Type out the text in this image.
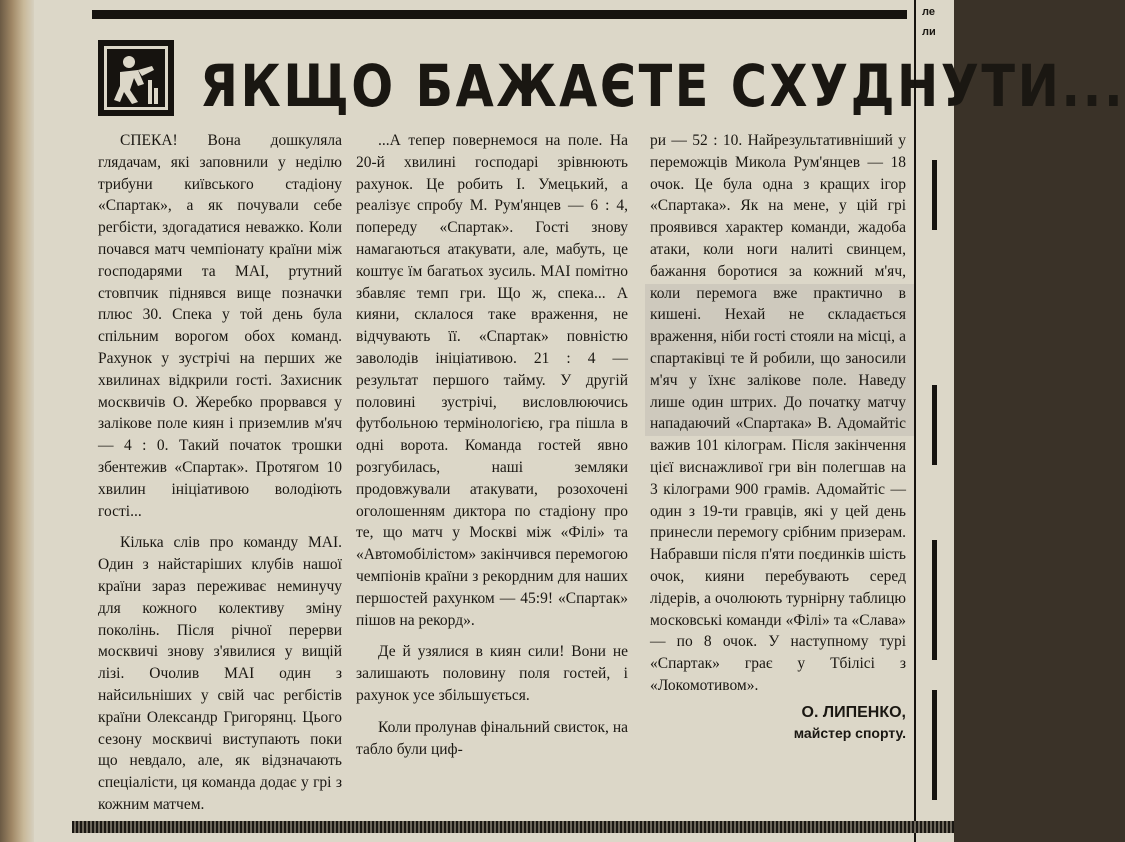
ЯКЩО БАЖАЄТЕ СХУДНУТИ...

СПЕКА! Вона дошкуляла глядачам, які заповнили у неділю трибуни київського стадіону «Спартак», а як почували себе регбісти, здогадатися неважко. Коли почався матч чемпіонату країни між господарями та МАІ, ртутний стовпчик піднявся вище позначки плюс 30. Спека у той день була спільним ворогом обох команд. Рахунок у зустрічі на перших же хвилинах відкрили гості. Захисник москвичів О. Жеребко прорвався у заліковe поле киян і приземлив м'яч — 4 : 0. Такий початок трошки збентежив «Спартак». Протягом 10 хвилин ініціативою володіють гості...

Кілька слів про команду МАІ. Один з найстаріших клубів нашої країни зараз переживає неминучу для кожного колективу зміну поколінь. Після річної перерви москвичі знову з'явилися у вищій лізі. Очолив МАІ один з найсильніших у свій час регбістів країни Олександр Григорянц. Цього сезону москвичі виступають поки що невдало, але, як відзначають спеціалісти, ця команда додає у грі з кожним матчем.

...А тепер повернемося на поле. На 20-й хвилині господарі зрівнюють рахунок. Це робить І. Умецький, а реалізує спробу М. Рум'янцев — 6 : 4, попереду «Спартак». Гості знову намагаються атакувати, але, мабуть, це коштує їм багатьох зусиль. МАІ помітно збавляє темп гри. Що ж, спека... А кияни, склалося таке враження, не відчувають її. «Спартак» повністю заволодів ініціативою. 21 : 4 — результат першого тайму. У другій половині зустрічі, висловлюючись футбольною термінологією, гра пішла в одні ворота. Команда гостей явно розгубилась, наші земляки продовжували атакувати, розохочені оголошенням диктора по стадіону про те, що матч у Москві між «Філі» та «Автомобілістом» закінчився перемогою чемпіонів країни з рекордним для наших першостей рахунком — 45:9! «Спартак» пішов на рекорд».

Де й узялися в киян сили! Вони не залишають половину поля гостей, і рахунок усе збільшується.

Коли пролунав фінальний свисток, на табло були циф-

ри — 52 : 10. Найрезультативніший у переможців Микола Рум'янцев — 18 очок. Це була одна з кращих ігор «Спартака». Як на мене, у цій грі проявився характер команди, жадоба атаки, коли ноги налиті свинцем, бажання боротися за кожний м'яч, коли перемога вже практично в кишені. Нехай не складається враження, ніби гості стояли на місці, а спартаківці те й робили, що заносили м'яч у їхнє залікове поле. Наведу лише один штрих. До початку матчу нападаючий «Спартака» В. Адомайтіс важив 101 кілограм. Після закінчення цієї виснажливої гри він полегшав на 3 кілограми 900 грамів. Адомайтіс — один з 19-ти гравців, які у цей день принесли перемогу срібним призерам. Набравши після п'яти поєдинків шість очок, кияни перебувають серед лідерів, а очолюють турнірну таблицю московські команди «Філі» та «Слава» — по 8 очок. У наступному турі «Спартак» грає у Тбілісі з «Локомотивом».

О. ЛИПЕНКО,
майстер спорту.
ле
ли
